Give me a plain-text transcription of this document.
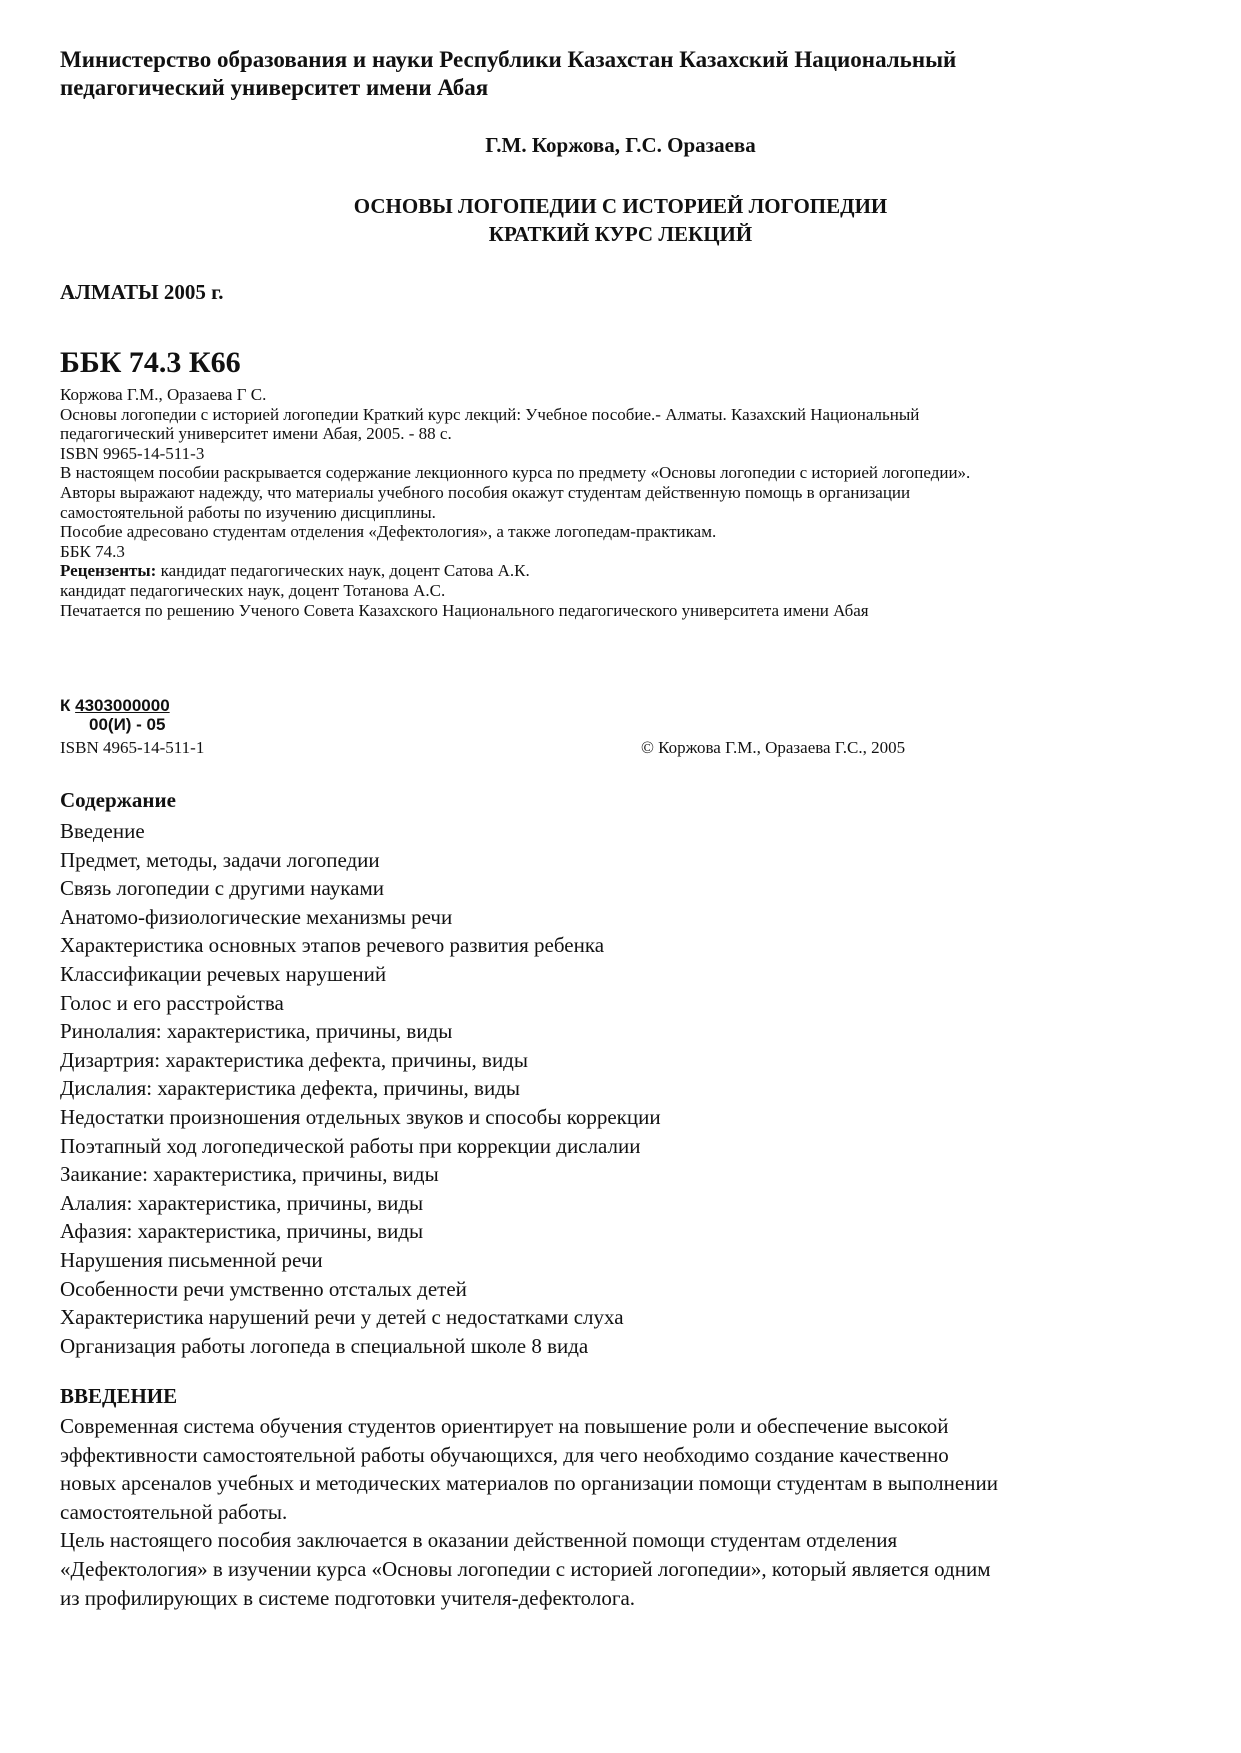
Министерство образования и науки Республики Казахстан Казахский Национальный
педагогический университет имени Абая
Г.М. Коржова, Г.С. Оразаева
ОСНОВЫ ЛОГОПЕДИИ С ИСТОРИЕЙ ЛОГОПЕДИИ
КРАТКИЙ КУРС ЛЕКЦИЙ
АЛМАТЫ 2005 г.
ББК 74.3 К66
Коржова Г.М., Оразаева Г С.
Основы логопедии с историей логопедии Краткий курс лекций: Учебное пособие.- Алматы. Казахский Национальный
педагогический университет имени Абая, 2005. - 88 с.
ISBN 9965-14-511-3
В настоящем пособии раскрывается содержание лекционного курса по предмету «Основы логопедии с историей логопедии».
Авторы выражают надежду, что материалы учебного пособия окажут студентам действенную помощь в организации
самостоятельной работы по изучению дисциплины.
Пособие адресовано студентам отделения «Дефектология», а также логопедам-практикам.
ББК 74.3
Рецензенты: кандидат педагогических наук, доцент Сатова А.К.
кандидат педагогических наук, доцент Тотанова А.С.
Печатается по решению Ученого Совета Казахского Национального педагогического университета имени Абая
К 4303000000
00(И) - 05
ISBN 4965-14-511-1	© Коржова Г.М., Оразаева Г.С., 2005
Содержание
Введение
Предмет, методы, задачи логопедии
Связь логопедии с другими науками
Анатомо-физиологические механизмы речи
Характеристика основных этапов речевого развития ребенка
Классификации речевых нарушений
Голос и его расстройства
Ринолалия: характеристика, причины, виды
Дизартрия: характеристика дефекта, причины, виды
Дислалия: характеристика дефекта, причины, виды
Недостатки произношения отдельных звуков и способы коррекции
Поэтапный ход логопедической работы при коррекции дислалии
Заикание: характеристика, причины, виды
Алалия: характеристика, причины, виды
Афазия: характеристика, причины, виды
Нарушения письменной речи
Особенности речи умственно отсталых детей
Характеристика нарушений речи у детей с недостатками слуха
Организация работы логопеда в специальной школе 8 вида
ВВЕДЕНИЕ
Современная система обучения студентов ориентирует на повышение роли и обеспечение высокой
эффективности самостоятельной работы обучающихся, для чего необходимо создание качественно
новых арсеналов учебных и методических материалов по организации помощи студентам в выполнении
самостоятельной работы.
Цель настоящего пособия заключается в оказании действенной помощи студентам отделения
«Дефектология» в изучении курса «Основы логопедии с историей логопедии», который является одним
из профилирующих в системе подготовки учителя-дефектолога.
